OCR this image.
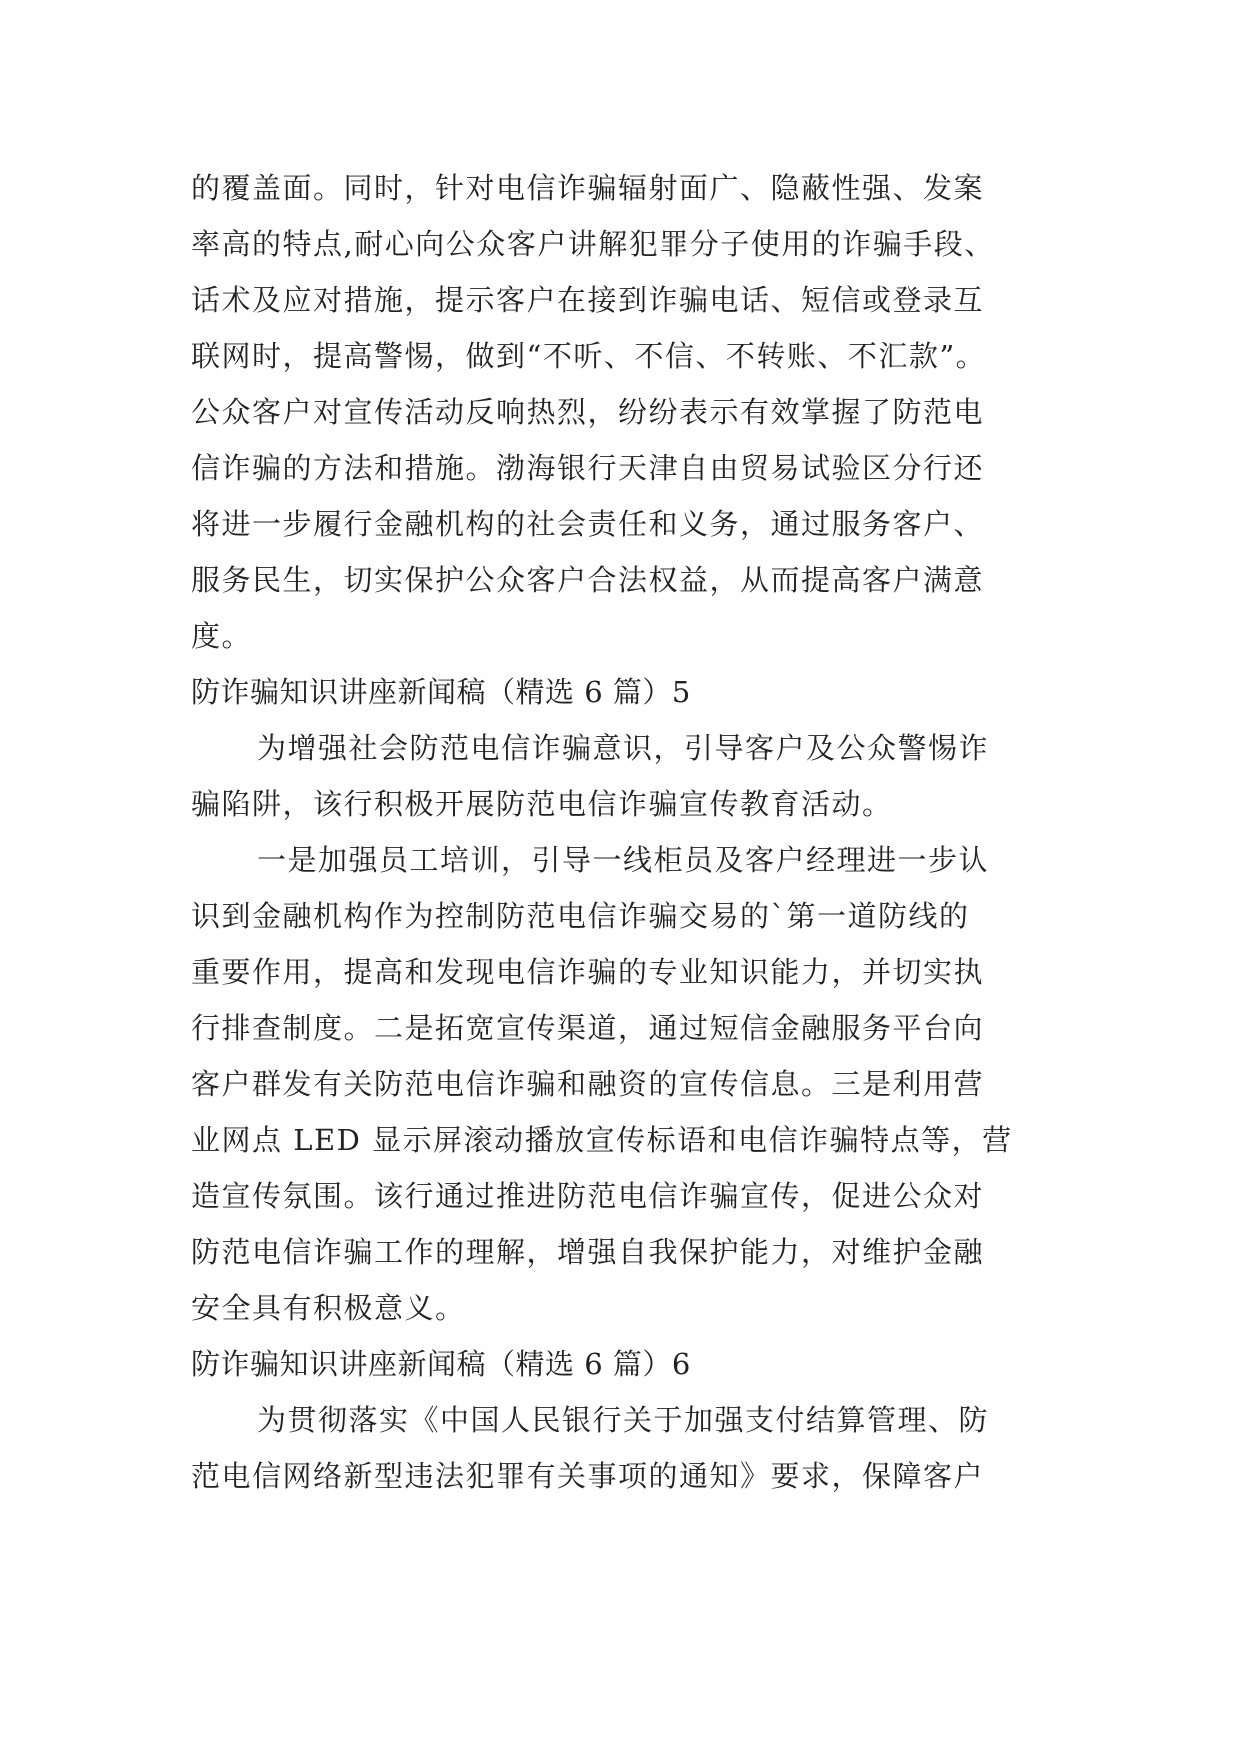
的覆盖面。同时，针对电信诈骗辐射面广、隐蔽性强、发案
率高的特点,耐心向公众客户讲解犯罪分子使用的诈骗手段、
话术及应对措施，提示客户在接到诈骗电话、短信或登录互
联网时，提高警惕，做到“不听、不信、不转账、不汇款”。
公众客户对宣传活动反响热烈，纷纷表示有效掌握了防范电
信诈骗的方法和措施。渤海银行天津自由贸易试验区分行还
将进一步履行金融机构的社会责任和义务，通过服务客户、
服务民生，切实保护公众客户合法权益，从而提高客户满意
度。
防诈骗知识讲座新闻稿（精选 6 篇）5
为增强社会防范电信诈骗意识，引导客户及公众警惕诈
骗陷阱，该行积极开展防范电信诈骗宣传教育活动。
一是加强员工培训，引导一线柜员及客户经理进一步认
识到金融机构作为控制防范电信诈骗交易的`第一道防线的
重要作用，提高和发现电信诈骗的专业知识能力，并切实执
行排查制度。二是拓宽宣传渠道，通过短信金融服务平台向
客户群发有关防范电信诈骗和融资的宣传信息。三是利用营
业网点 LED 显示屏滚动播放宣传标语和电信诈骗特点等，营
造宣传氛围。该行通过推进防范电信诈骗宣传，促进公众对
防范电信诈骗工作的理解，增强自我保护能力，对维护金融
安全具有积极意义。
防诈骗知识讲座新闻稿（精选 6 篇）6
为贯彻落实《中国人民银行关于加强支付结算管理、防
范电信网络新型违法犯罪有关事项的通知》要求，保障客户
